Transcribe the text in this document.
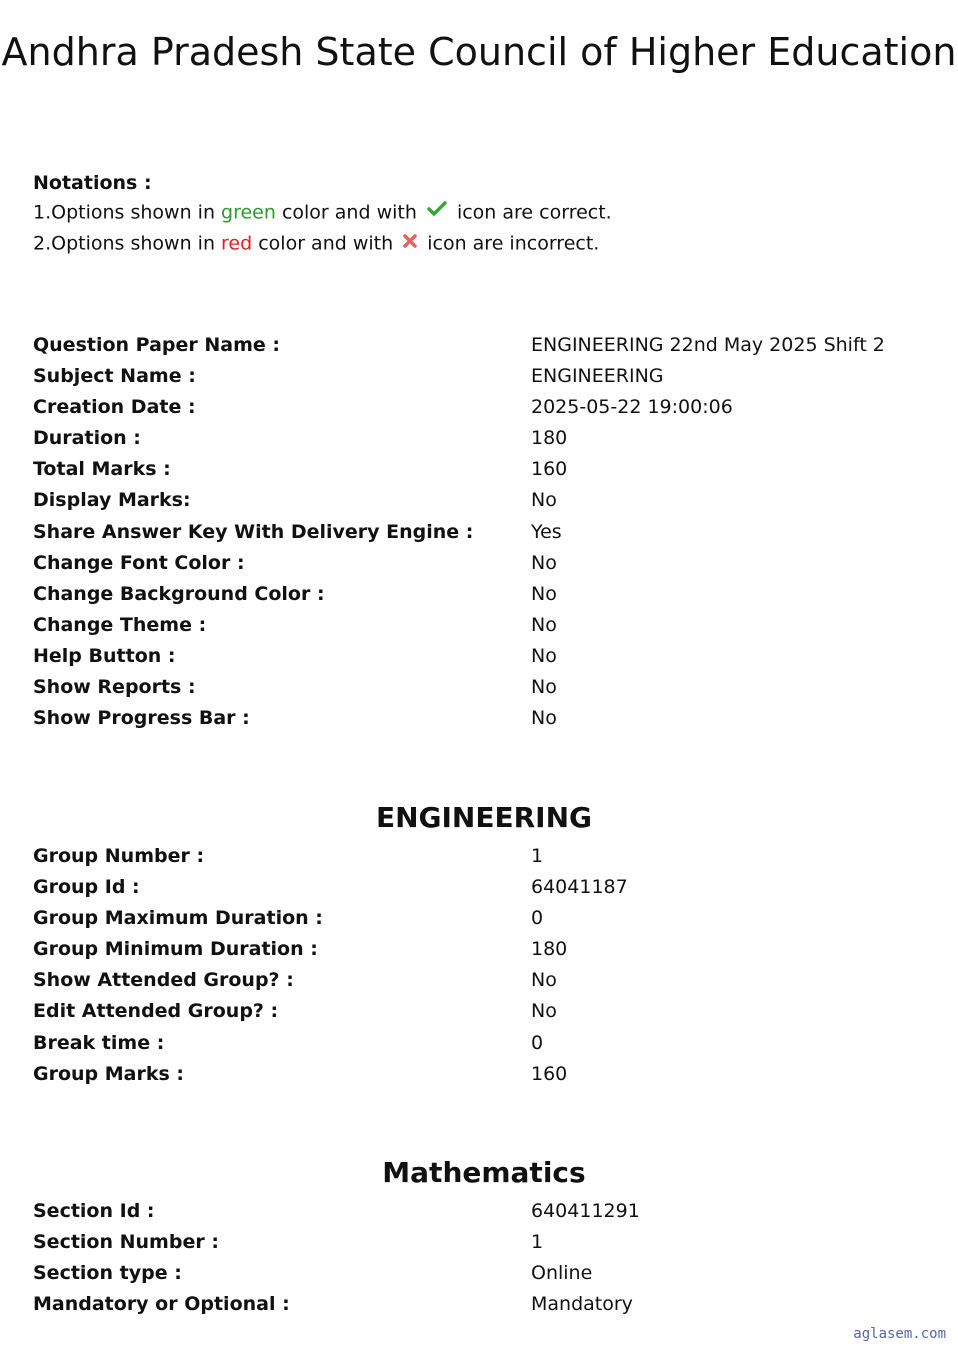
Andhra Pradesh State Council of Higher Education
Notations :
1.Options shown in green color and with  icon are correct.
2.Options shown in red color and with  icon are incorrect.
Question Paper Name :	ENGINEERING 22nd May 2025 Shift 2
Subject Name :	ENGINEERING
Creation Date :	2025-05-22 19:00:06
Duration :	180
Total Marks :	160
Display Marks:	No
Share Answer Key With Delivery Engine :	Yes
Change Font Color :	No
Change Background Color :	No
Change Theme :	No
Help Button :	No
Show Reports :	No
Show Progress Bar :	No
ENGINEERING
Group Number :	1
Group Id :	64041187
Group Maximum Duration :	0
Group Minimum Duration :	180
Show Attended Group? :	No
Edit Attended Group? :	No
Break time :	0
Group Marks :	160
Mathematics
Section Id :	640411291
Section Number :	1
Section type :	Online
Mandatory or Optional :	Mandatory
aglasem.com
